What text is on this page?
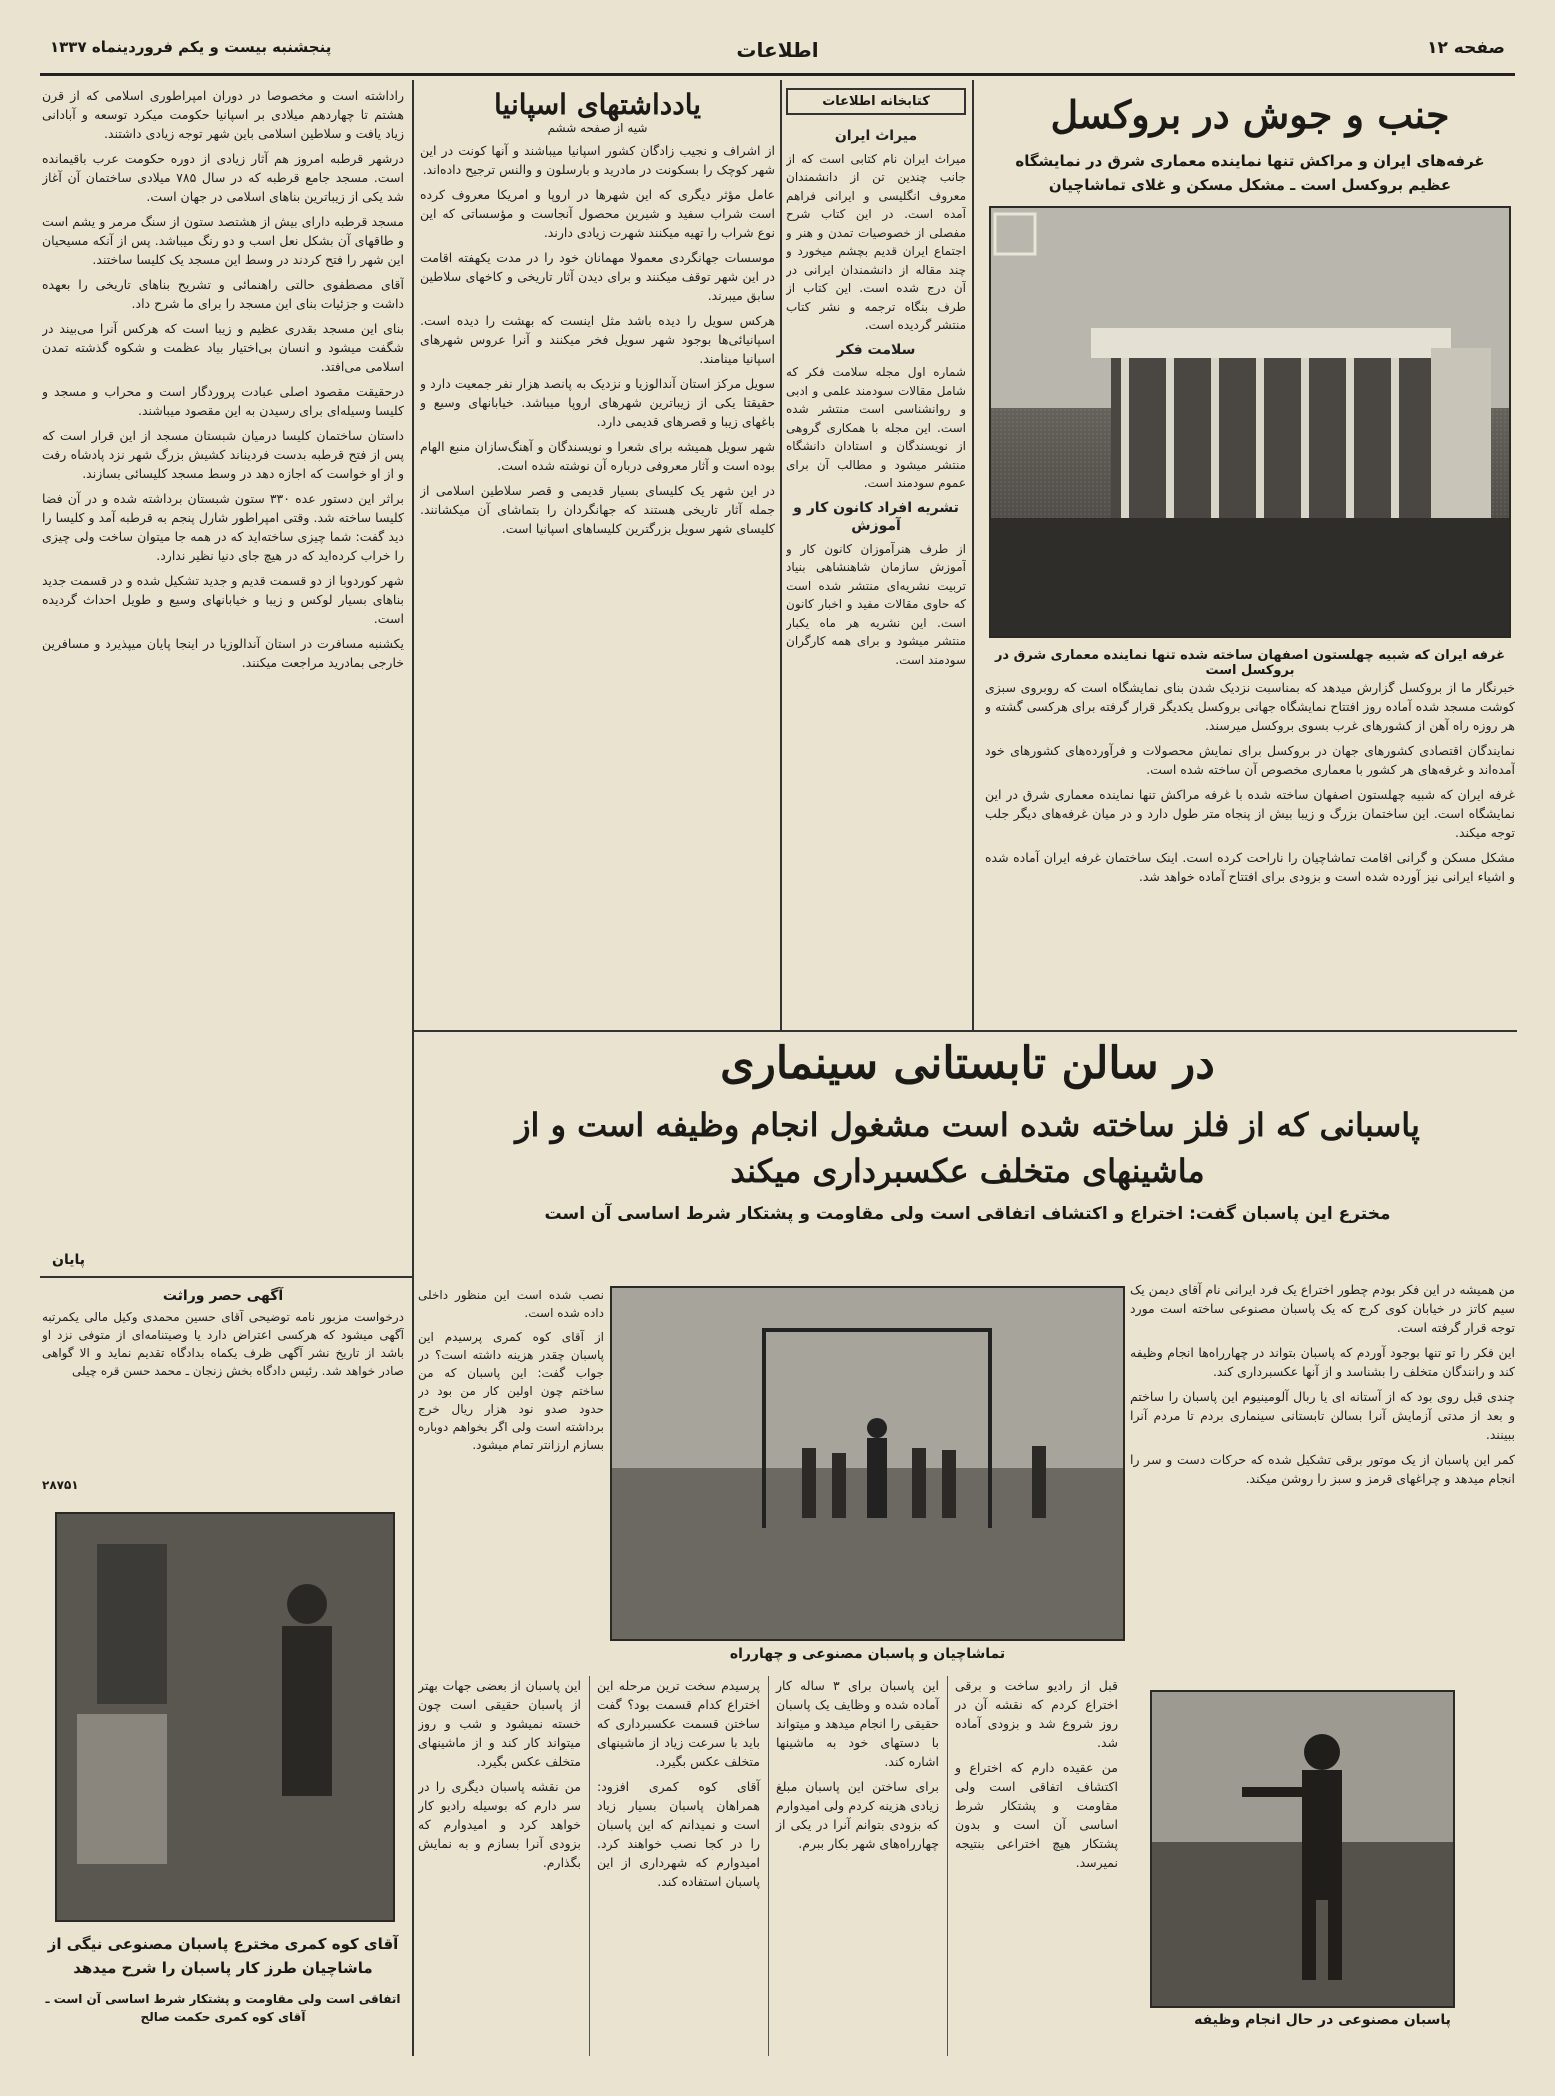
صفحه ۱۲
اطلاعات
پنجشنبه بیست و یکم فروردینماه ۱۳۳۷
جنب و جوش در بروکسل
غرفه‌های ایران و مراکش تنها نماینده معماری شرق در نمایشگاه عظیم بروکسل است ـ مشکل مسکن و غلای تماشاچیان
غرفه ایران که شبیه چهلستون اصفهان ساخته شده تنها نماینده معماری شرق در بروکسل است

خبرنگار ما از بروکسل گزارش میدهد که بمناسبت نزدیک شدن بنای نمایشگاه است که روبروی سبزی کوشت مسجد شده آماده روز افتتاح نمایشگاه جهانی بروکسل یکدیگر قرار گرفته برای هرکسی گشته و هر روزه راه آهن از کشورهای غرب بسوی بروکسل میرسند.

نمایندگان اقتصادی کشورهای جهان در بروکسل برای نمایش محصولات و فرآورده‌های کشورهای خود آمده‌اند و غرفه‌های هر کشور با معماری مخصوص آن ساخته شده است.

غرفه ایران که شبیه چهلستون اصفهان ساخته شده با غرفه مراکش تنها نماینده معماری شرق در این نمایشگاه است. این ساختمان بزرگ و زیبا بیش از پنجاه متر طول دارد و در میان غرفه‌های دیگر جلب توجه میکند.

مشکل مسکن و گرانی اقامت تماشاچیان را ناراحت کرده است. اینک ساختمان غرفه ایران آماده شده و اشیاء ایرانی نیز آورده شده است و بزودی برای افتتاح آماده خواهد شد.

کتابخانه اطلاعات
میراث ایران

میراث ایران نام کتابی است که از جانب چندین تن از دانشمندان معروف انگلیسی و ایرانی فراهم آمده است. در این کتاب شرح مفصلی از خصوصیات تمدن و هنر و اجتماع ایران قدیم بچشم میخورد و چند مقاله از دانشمندان ایرانی در آن درج شده است. این کتاب از طرف بنگاه ترجمه و نشر کتاب منتشر گردیده است.

سلامت فکر

شماره اول مجله سلامت فکر که شامل مقالات سودمند علمی و ادبی و روانشناسی است منتشر شده است. این مجله با همکاری گروهی از نویسندگان و استادان دانشگاه منتشر میشود و مطالب آن برای عموم سودمند است.

تشریه افراد کانون کار و آموزش

از طرف هنرآموزان کانون کار و آموزش سازمان شاهنشاهی بنیاد تربیت نشریه‌ای منتشر شده است که حاوی مقالات مفید و اخبار کانون است. این نشریه هر ماه یکبار منتشر میشود و برای همه کارگران سودمند است.

یادداشتهای اسپانیا
شیه از صفحه ششم

از اشراف و نجیب زادگان کشور اسپانیا میباشند و آنها کونت در این شهر کوچک را بسکونت در مادرید و بارسلون و والنس ترجیح داده‌اند.

عامل مؤثر دیگری که این شهرها در اروپا و امریکا معروف کرده است شراب سفید و شیرین محصول آنجاست و مؤسساتی که این نوع شراب را تهیه میکنند شهرت زیادی دارند.

موسسات جهانگردی معمولا مهمانان خود را در مدت یکهفته اقامت در این شهر توقف میکنند و برای دیدن آثار تاریخی و کاخهای سلاطین سابق میبرند.

هرکس سویل را دیده باشد مثل اینست که بهشت را دیده است. اسپانیائی‌ها بوجود شهر سویل فخر میکنند و آنرا عروس شهرهای اسپانیا مینامند.

سویل مرکز استان آندالوزیا و نزدیک به پانصد هزار نفر جمعیت دارد و حقیقتا یکی از زیباترین شهرهای اروپا میباشد. خیابانهای وسیع و باغهای زیبا و قصرهای قدیمی دارد.

شهر سویل همیشه برای شعرا و نویسندگان و آهنگ‌سازان منبع الهام بوده است و آثار معروفی درباره آن نوشته شده است.

در این شهر یک کلیسای بسیار قدیمی و قصر سلاطین اسلامی از جمله آثار تاریخی هستند که جهانگردان را بتماشای آن میکشانند. کلیسای شهر سویل بزرگترین کلیساهای اسپانیا است.

راداشته است و مخصوصا در دوران امپراطوری اسلامی که از قرن هشتم تا چهاردهم میلادی بر اسپانیا حکومت میکرد توسعه و آبادانی زیاد یافت و سلاطین اسلامی باین شهر توجه زیادی داشتند.

درشهر قرطبه امروز هم آثار زیادی از دوره حکومت عرب باقیمانده است. مسجد جامع قرطبه که در سال ۷۸۵ میلادی ساختمان آن آغاز شد یکی از زیباترین بناهای اسلامی در جهان است.

مسجد قرطبه دارای بیش از هشتصد ستون از سنگ مرمر و یشم است و طاقهای آن بشکل نعل اسب و دو رنگ میباشد. پس از آنکه مسیحیان این شهر را فتح کردند در وسط این مسجد یک کلیسا ساختند.

آقای مصطفوی حالتی راهنمائی و تشریح بناهای تاریخی را بعهده داشت و جزئیات بنای این مسجد را برای ما شرح داد.

بنای این مسجد بقدری عظیم و زیبا است که هرکس آنرا می‌بیند در شگفت میشود و انسان بی‌اختیار بیاد عظمت و شکوه گذشته تمدن اسلامی می‌افتد.

درحقیقت مقصود اصلی عبادت پروردگار است و محراب و مسجد و کلیسا وسیله‌ای برای رسیدن به این مقصود میباشند.

داستان ساختمان کلیسا درمیان شبستان مسجد از این قرار است که پس از فتح قرطبه بدست فردیناند کشیش بزرگ شهر نزد پادشاه رفت و از او خواست که اجازه دهد در وسط مسجد کلیسائی بسازند.

براثر این دستور عده ۳۳۰ ستون شبستان برداشته شده و در آن فضا کلیسا ساخته شد. وقتی امپراطور شارل پنجم به قرطبه آمد و کلیسا را دید گفت: شما چیزی ساخته‌اید که در همه جا میتوان ساخت ولی چیزی را خراب کرده‌اید که در هیچ جای دنیا نظیر ندارد.

شهر کوردوبا از دو قسمت قدیم و جدید تشکیل شده و در قسمت جدید بناهای بسیار لوکس و زیبا و خیابانهای وسیع و طویل احداث گردیده است.

یکشنبه مسافرت در استان آندالوزیا در اینجا پایان میپذیرد و مسافرین خارجی بمادرید مراجعت میکنند.

پایان
در سالن تابستانی سینماری
پاسبانی که از فلز ساخته شده است مشغول انجام وظیفه است و از ماشینهای متخلف عکسبرداری میکند
مخترع این پاسبان گفت: اختراع و اکتشاف اتفاقی است ولی مقاومت و پشتکار شرط اساسی آن است

من همیشه در این فکر بودم چطور اختراع یک فرد ایرانی نام آقای دیمن یک سیم کاتز در خیابان کوی کرج که یک پاسبان مصنوعی ساخته است مورد توجه قرار گرفته است.

این فکر را تو تنها بوجود آوردم که پاسبان بتواند در چهارراه‌ها انجام وظیفه کند و رانندگان متخلف را بشناسد و از آنها عکسبرداری کند.

چندی قبل روی بود که از آستانه ای یا ربال آلومینیوم این پاسبان را ساختم و بعد از مدتی آزمایش آنرا بسالن تابستانی سینماری بردم تا مردم آنرا ببینند.

کمر این پاسبان از یک موتور برقی تشکیل شده که حرکات دست و سر را انجام میدهد و چراغهای قرمز و سبز را روشن میکند.

تماشاچیان و پاسبان مصنوعی و چهارراه

نصب شده است این منظور داخلی داده شده است.

از آقای کوه کمری پرسیدم این پاسبان چقدر هزینه داشته است؟ در جواب گفت: این پاسبان که من ساختم چون اولین کار من بود در حدود صدو نود هزار ریال خرج برداشته است ولی اگر بخواهم دوباره بسازم ارزانتر تمام میشود.

قبل از رادیو ساخت و برقی اختراع کردم که نقشه آن در روز شروع شد و بزودی آماده شد.

من عقیده دارم که اختراع و اکتشاف اتفاقی است ولی مقاومت و پشتکار شرط اساسی آن است و بدون پشتکار هیچ اختراعی بنتیجه نمیرسد.

این پاسبان برای ۳ ساله کار آماده شده و وظایف یک پاسبان حقیقی را انجام میدهد و میتواند با دستهای خود به ماشینها اشاره کند.

برای ساختن این پاسبان مبلغ زیادی هزینه کردم ولی امیدوارم که بزودی بتوانم آنرا در یکی از چهارراه‌های شهر بکار ببرم.

پرسیدم سخت ترین مرحله این اختراع کدام قسمت بود؟ گفت ساختن قسمت عکسبرداری که باید با سرعت زیاد از ماشینهای متخلف عکس بگیرد.

آقای کوه کمری افزود: همراهان پاسبان بسیار زیاد است و نمیدانم که این پاسبان را در کجا نصب خواهند کرد. امیدوارم که شهرداری از این پاسبان استفاده کند.

این پاسبان از بعضی جهات بهتر از پاسبان حقیقی است چون خسته نمیشود و شب و روز میتواند کار کند و از ماشینهای متخلف عکس بگیرد.

من نقشه پاسبان دیگری را در سر دارم که بوسیله رادیو کار خواهد کرد و امیدوارم که بزودی آنرا بسازم و به نمایش بگذارم.

پاسبان مصنوعی در حال انجام وظیفه
آگهی حصر وراثت
درخواست مزبور نامه توضیحی آقای حسین محمدی وکیل مالی یکمرتبه آگهی میشود که هرکسی اعتراض دارد یا وصیتنامه‌ای از متوفی نزد او باشد از تاریخ نشر آگهی ظرف یکماه بدادگاه تقدیم نماید و الا گواهی صادر خواهد شد. رئیس دادگاه بخش زنجان ـ محمد حسن قره چیلی
۲۸۷۵۱
آقای کوه کمری مخترع پاسبان مصنوعی نیگی از ماشاچیان طرز کار پاسبان را شرح میدهد
اتفاقی است ولی مقاومت و پشتکار شرط اساسی آن است ـ آقای کوه کمری حکمت صالح
